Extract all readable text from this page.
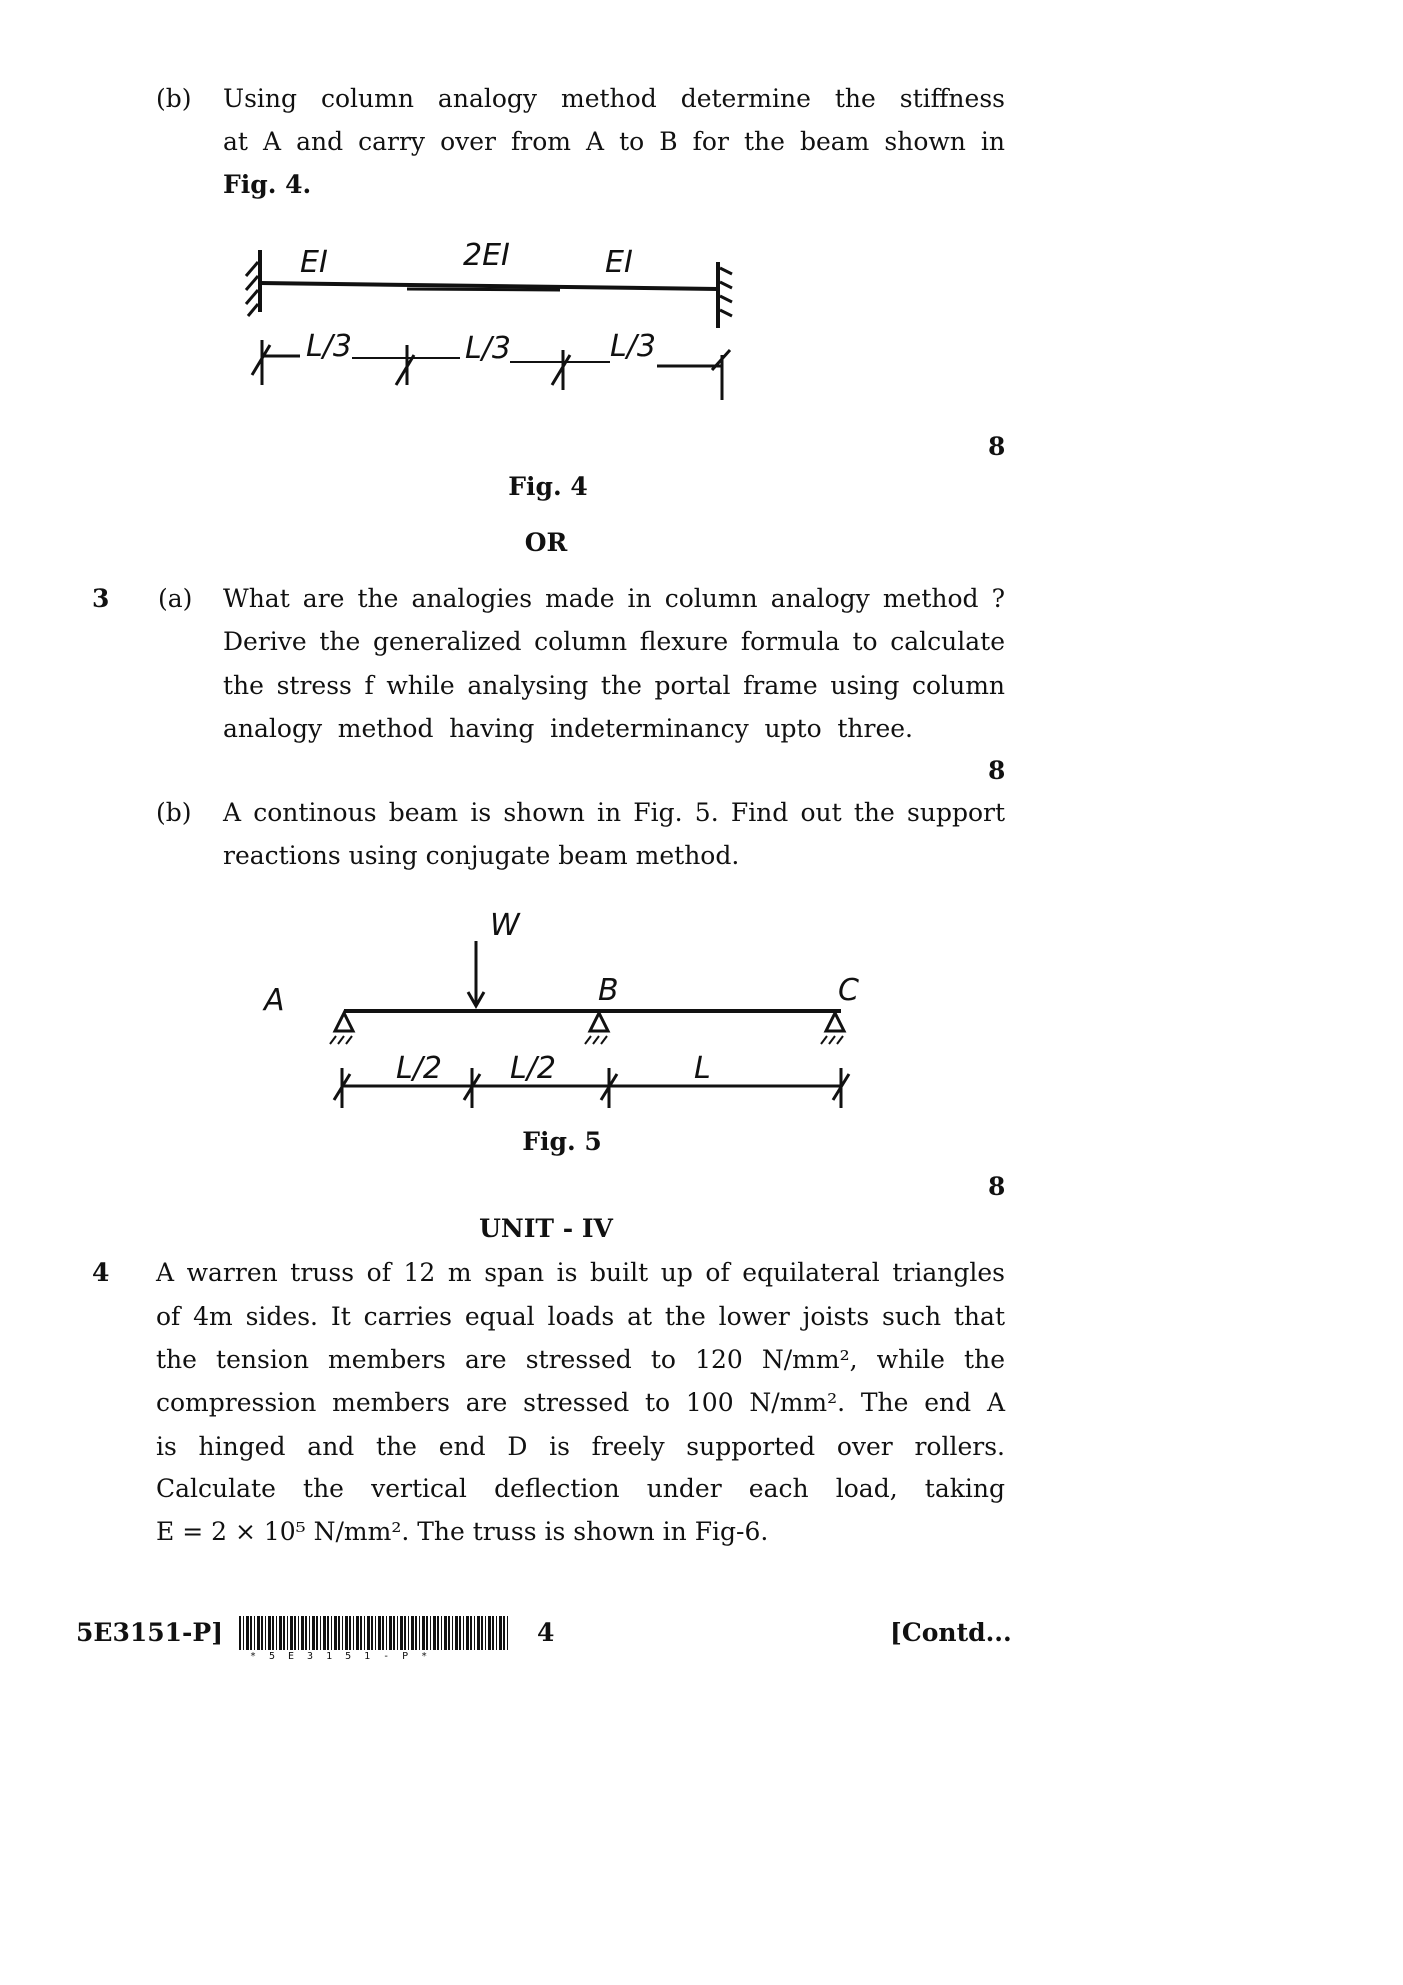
(b) Using column analogy method determine the stiffness
at A and carry over from A to B for the beam shown in
Fig. 4.
EI	2EI	EI
L/3	L/3	L/3
A
W
B	C
L/2 L/2	L
8
Fig. 4
OR
3 (a) What are the analogies made in column analogy method ?
Derive the generalized column flexure formula to calculate
the stress f while analysing the portal frame using column
analogy method having indeterminancy upto three.
8
(b) A continous beam is shown in Fig. 5. Find out the support
reactions using conjugate beam method.
Fig. 5
8
UNIT - IV
4 A warren truss of 12 m span is built up of equilateral triangles
of 4m sides. It carries equal loads at the lower joists such that
the tension members are stressed to 120 N/mm², while the
compression members are stressed to 100 N/mm². The end A
is hinged and the end D is freely supported over rollers.
Calculate the vertical deflection under each load, taking
E = 2 × 10⁵ N/mm². The truss is shown in Fig-6.
5E3151-P]
*5E3151-P*
4	[Contd...
